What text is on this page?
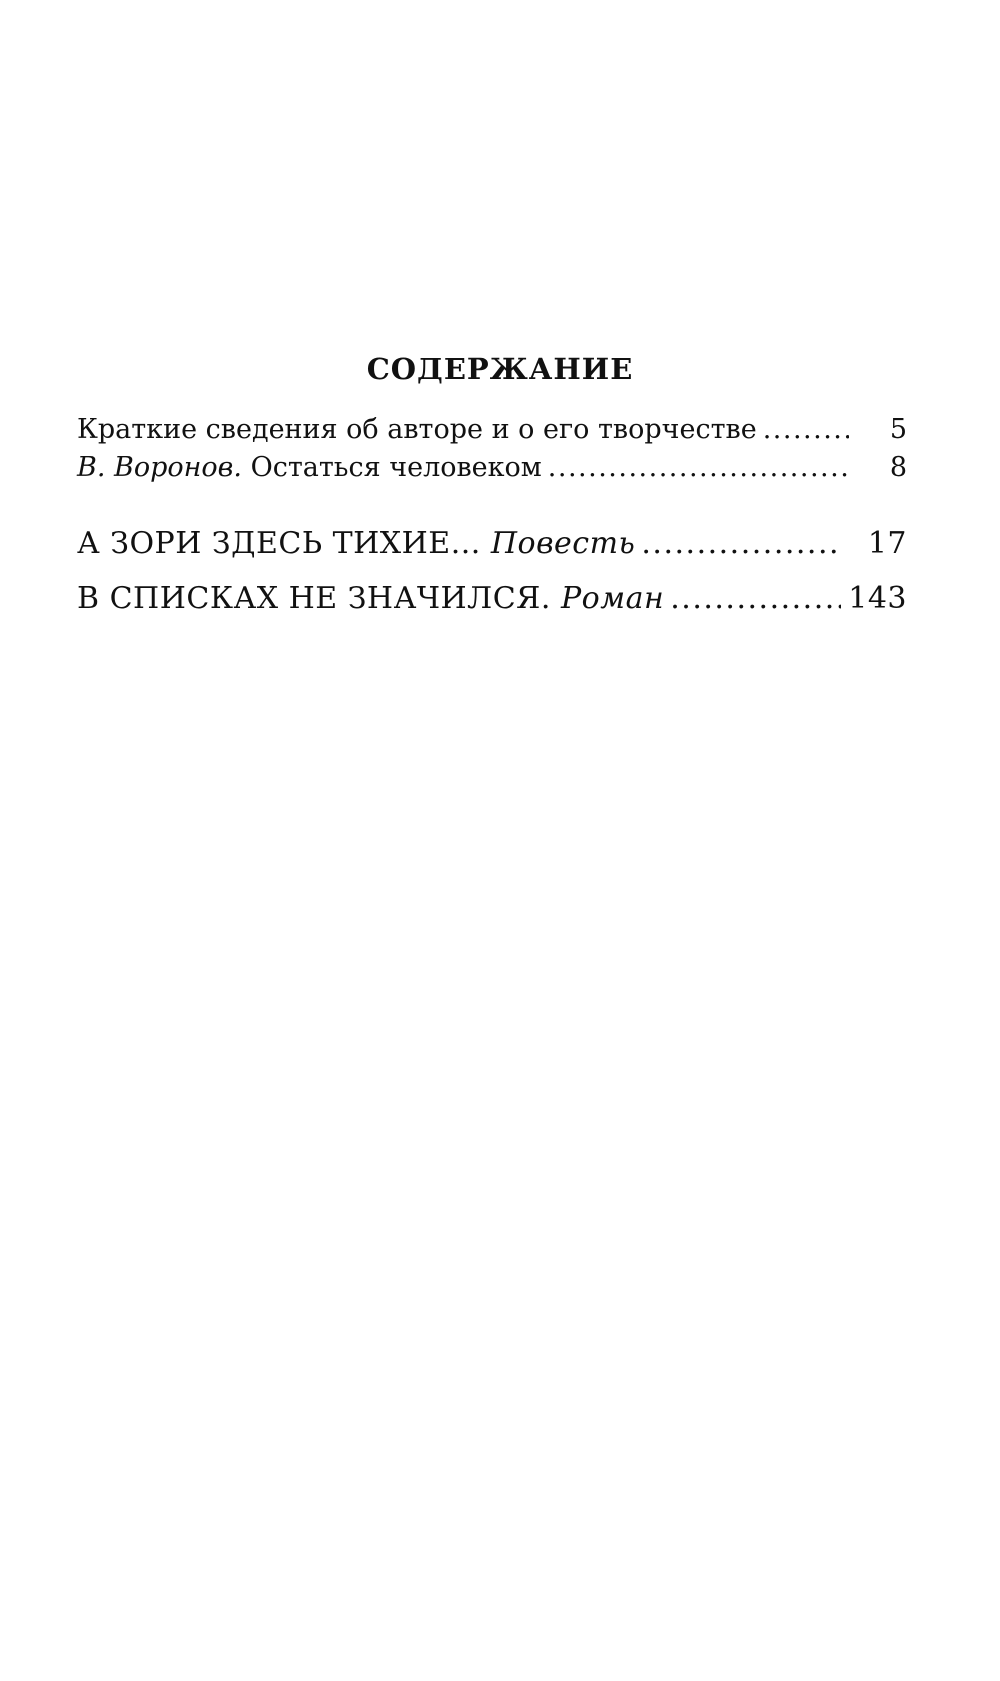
СОДЕРЖАНИЕ
Краткие сведения об авторе и о его творчестве .....	5
В. Воронов. Остаться человеком .....	8
А ЗОРИ ЗДЕСЬ ТИХИЕ... Повесть .....	17
В СПИСКАХ НЕ ЗНАЧИЛСЯ. Роман .....	143
